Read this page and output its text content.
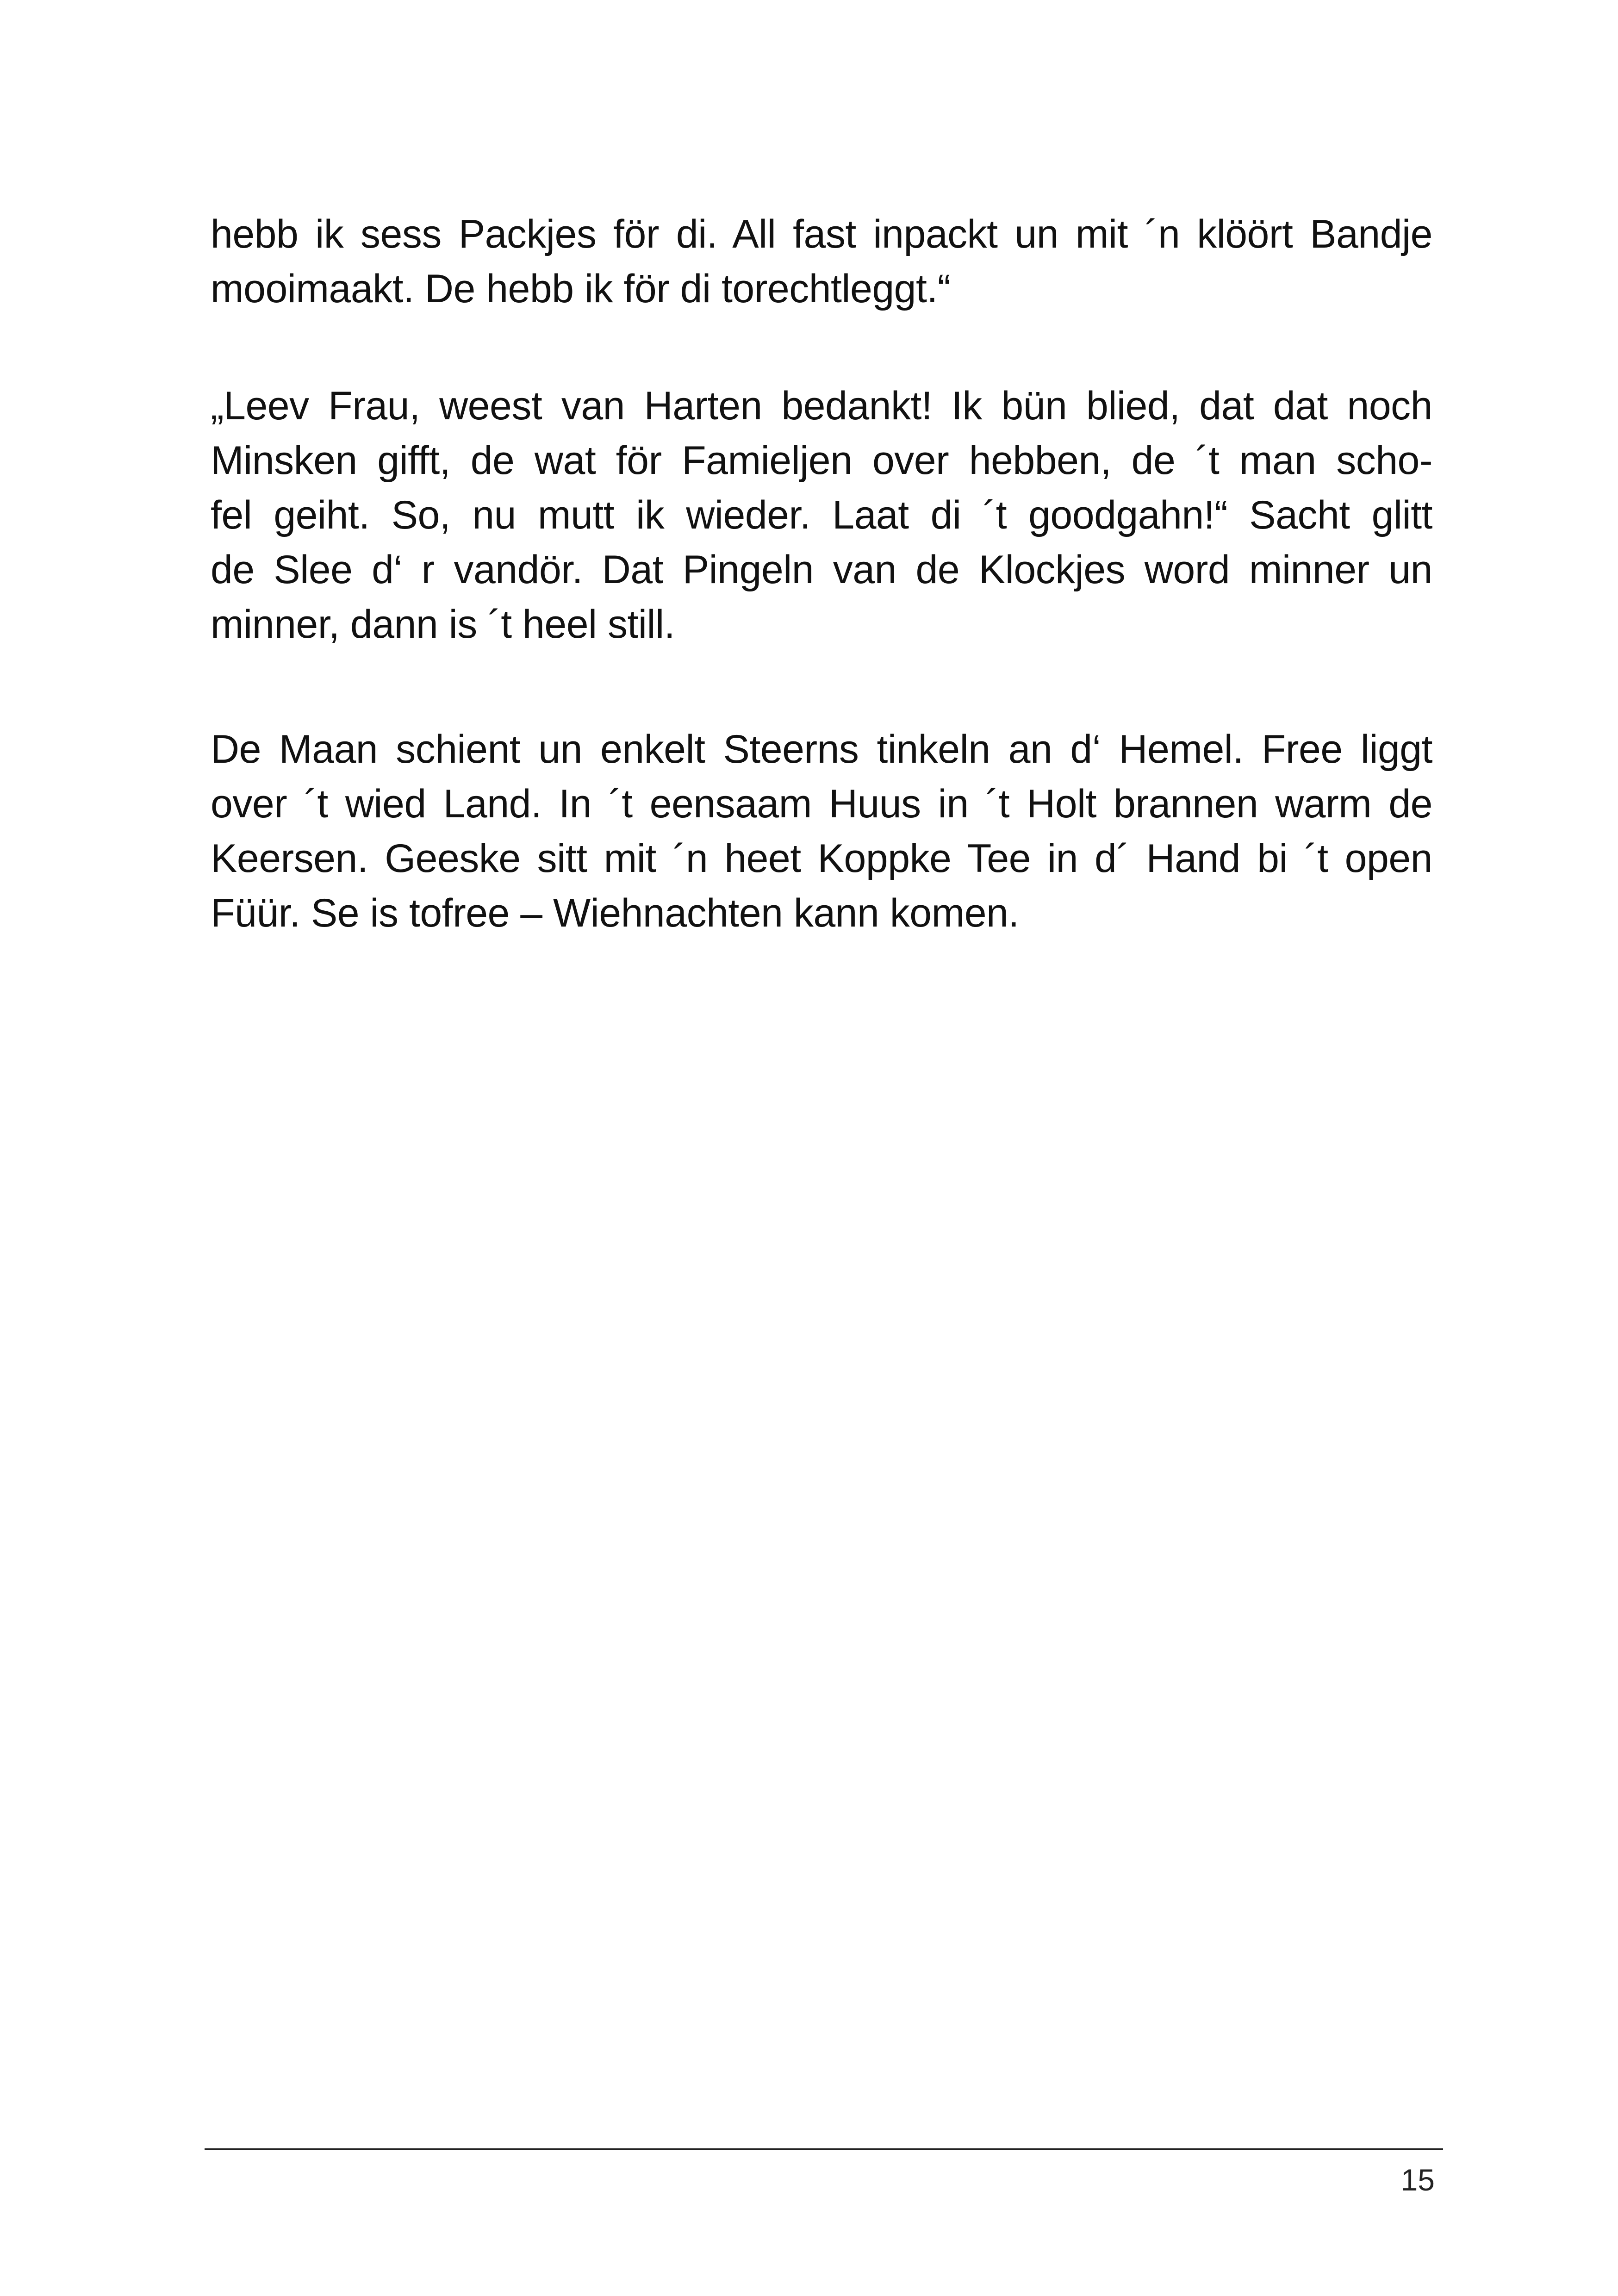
hebb ik sess Packjes för di. All fast inpackt un mit ´n klöört Bandje
mooimaakt. De hebb ik för di torechtleggt.“
„Leev Frau, weest van Harten bedankt! Ik bün blied, dat dat noch
Minsken gifft, de wat för Famieljen over hebben, de ´t man scho-
fel geiht. So, nu mutt ik wieder. Laat di ´t goodgahn!“ Sacht glitt
de Slee d‘ r vandör. Dat Pingeln van de Klockjes word minner un
minner, dann is ´t heel still.
De Maan schient un enkelt Steerns tinkeln an d‘ Hemel. Free liggt
over ´t wied Land. In ´t eensaam Huus in ´t Holt brannen warm de
Keersen. Geeske sitt mit ´n heet Koppke Tee in d´ Hand bi ´t open
Füür. Se is tofree – Wiehnachten kann komen.
15
